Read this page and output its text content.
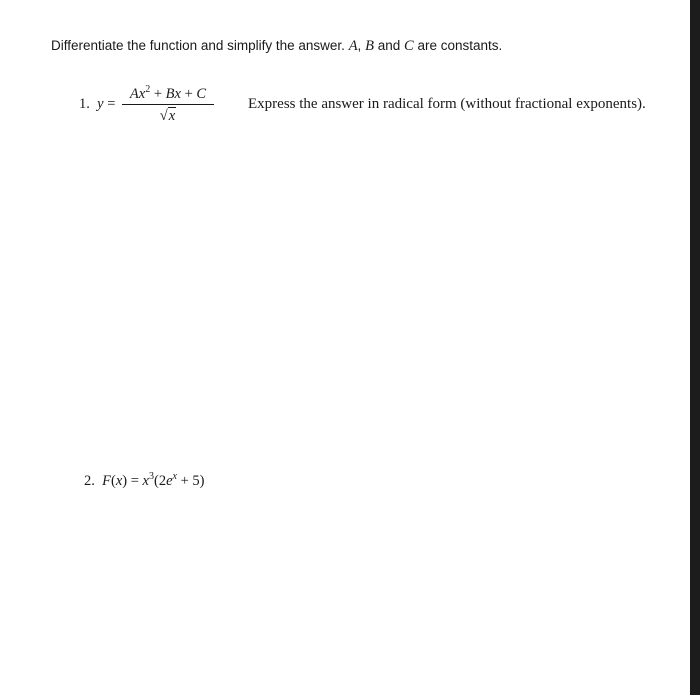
Differentiate the function and simplify the answer. A, B and C are constants.
1. y =
$Ax^2 + Bx + C$
√x
Express the answer in radical form (without fractional exponents).
2. $F(x) = x^3(2e^x + 5)$
